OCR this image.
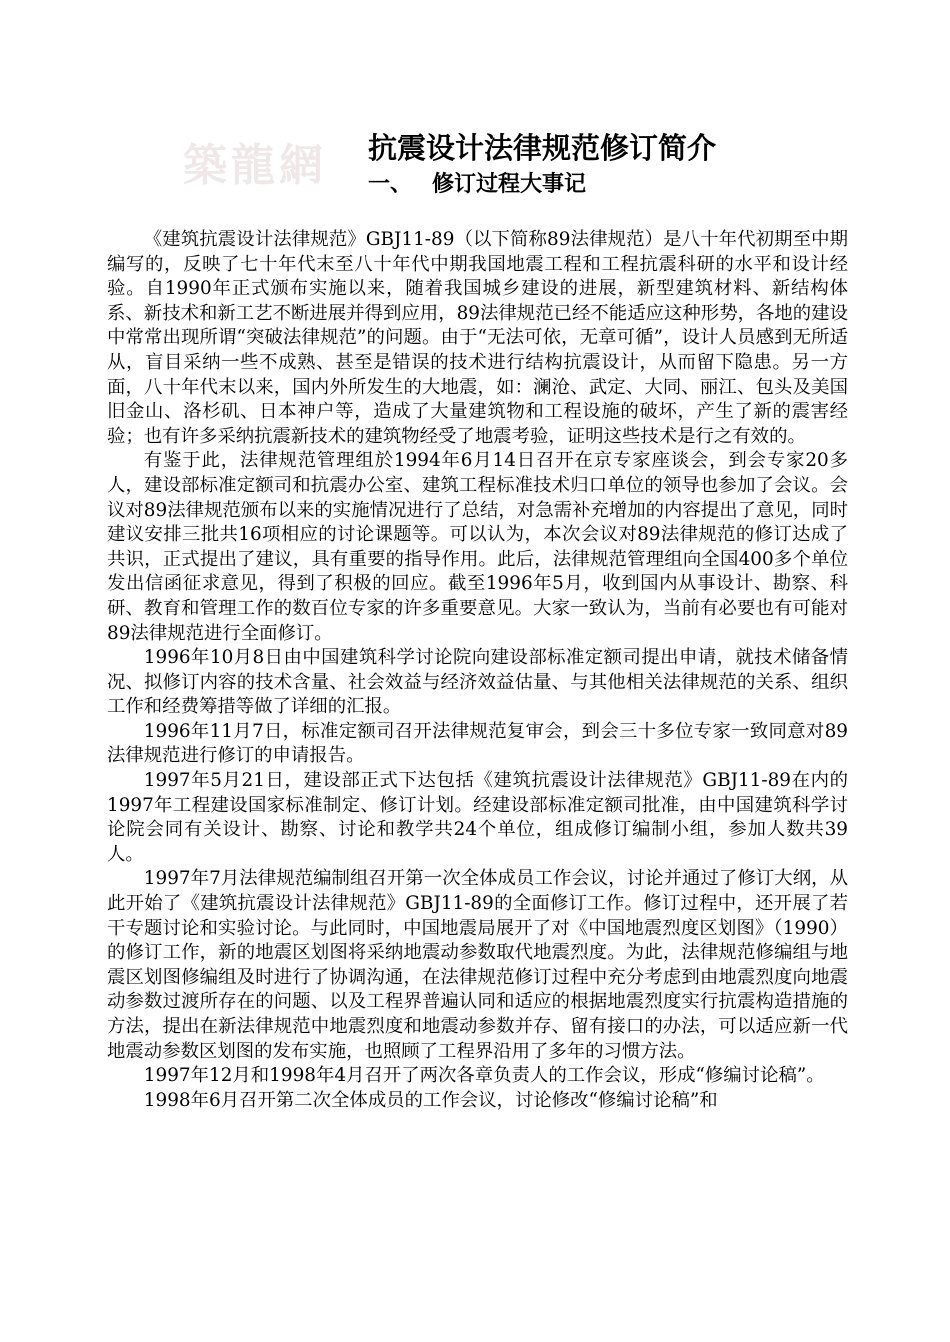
築龍網 抗震设计法律规范修订简介
一、 修订过程大事记

《建筑抗震设计法律规范》GBJ11-89（以下简称89法律规范）是八十年代初期至中期编写的，反映了七十年代末至八十年代中期我国地震工程和工程抗震科研的水平和设计经验。自1990年正式颁布实施以来，随着我国城乡建设的进展，新型建筑材料、新结构体系、新技术和新工艺不断进展并得到应用，89法律规范已经不能适应这种形势，各地的建设中常常出现所谓“突破法律规范”的问题。由于“无法可依，无章可循”，设计人员感到无所适从，盲目采纳一些不成熟、甚至是错误的技术进行结构抗震设计，从而留下隐患。另一方面，八十年代末以来，国内外所发生的大地震，如：澜沧、武定、大同、丽江、包头及美国旧金山、洛杉矶、日本神户等，造成了大量建筑物和工程设施的破坏，产生了新的震害经验；也有许多采纳抗震新技术的建筑物经受了地震考验，证明这些技术是行之有效的。

有鉴于此，法律规范管理组於1994年6月14日召开在京专家座谈会，到会专家20多人，建设部标准定额司和抗震办公室、建筑工程标准技术归口单位的领导也参加了会议。会议对89法律规范颁布以来的实施情况进行了总结，对急需补充增加的内容提出了意见，同时建议安排三批共16项相应的讨论课题等。可以认为，本次会议对89法律规范的修订达成了共识，正式提出了建议，具有重要的指导作用。此后，法律规范管理组向全国400多个单位发出信函征求意见，得到了积极的回应。截至1996年5月，收到国内从事设计、勘察、科研、教育和管理工作的数百位专家的许多重要意见。大家一致认为，当前有必要也有可能对89法律规范进行全面修订。

1996年10月8日由中国建筑科学讨论院向建设部标准定额司提出申请，就技术储备情况、拟修订内容的技术含量、社会效益与经济效益估量、与其他相关法律规范的关系、组织工作和经费筹措等做了详细的汇报。

1996年11月7日，标准定额司召开法律规范复审会，到会三十多位专家一致同意对89法律规范进行修订的申请报告。

1997年5月21日，建设部正式下达包括《建筑抗震设计法律规范》GBJ11-89在内的1997年工程建设国家标准制定、修订计划。经建设部标准定额司批准，由中国建筑科学讨论院会同有关设计、勘察、讨论和教学共24个单位，组成修订编制小组，参加人数共39人。

1997年7月法律规范编制组召开第一次全体成员工作会议，讨论并通过了修订大纲，从此开始了《建筑抗震设计法律规范》GBJ11-89的全面修订工作。修订过程中，还开展了若干专题讨论和实验讨论。与此同时，中国地震局展开了对《中国地震烈度区划图》（1990）的修订工作，新的地震区划图将采纳地震动参数取代地震烈度。为此，法律规范修编组与地震区划图修编组及时进行了协调沟通，在法律规范修订过程中充分考虑到由地震烈度向地震动参数过渡所存在的问题、以及工程界普遍认同和适应的根据地震烈度实行抗震构造措施的方法，提出在新法律规范中地震烈度和地震动参数并存、留有接口的办法，可以适应新一代地震动参数区划图的发布实施，也照顾了工程界沿用了多年的习惯方法。

1997年12月和1998年4月召开了两次各章负责人的工作会议，形成“修编讨论稿”。

1998年6月召开第二次全体成员的工作会议，讨论修改“修编讨论稿”和
